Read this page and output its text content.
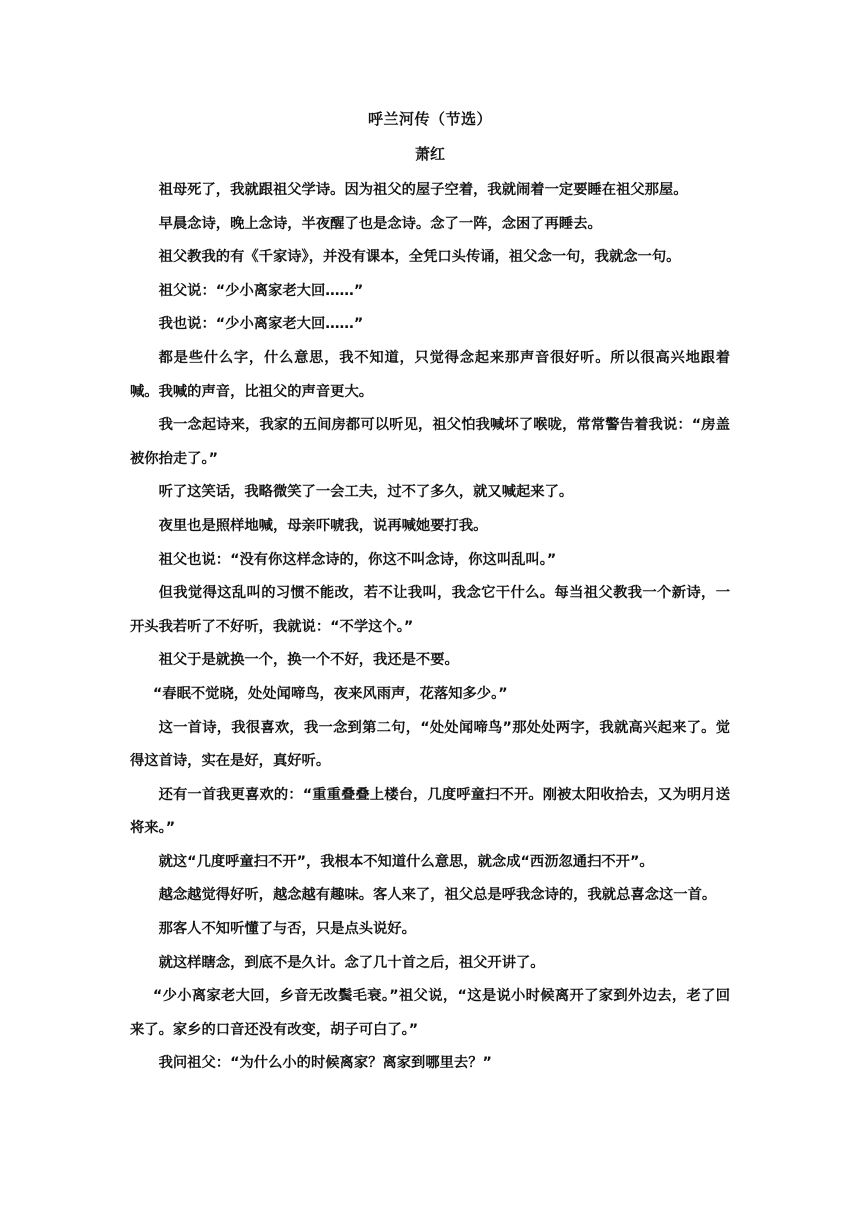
呼兰河传（节选）
萧红

祖母死了，我就跟祖父学诗。因为祖父的屋子空着，我就闹着一定要睡在祖父那屋。

早晨念诗，晚上念诗，半夜醒了也是念诗。念了一阵，念困了再睡去。

祖父教我的有《千家诗》，并没有课本，全凭口头传诵，祖父念一句，我就念一句。

祖父说：“少小离家老大回……”

我也说：“少小离家老大回……”

都是些什么字，什么意思，我不知道，只觉得念起来那声音很好听。所以很高兴地跟着喊。我喊的声音，比祖父的声音更大。

我一念起诗来，我家的五间房都可以听见，祖父怕我喊坏了喉咙，常常警告着我说：“房盖被你抬走了。”

听了这笑话，我略微笑了一会工夫，过不了多久，就又喊起来了。

夜里也是照样地喊，母亲吓唬我，说再喊她要打我。

祖父也说：“没有你这样念诗的，你这不叫念诗，你这叫乱叫。”

但我觉得这乱叫的习惯不能改，若不让我叫，我念它干什么。每当祖父教我一个新诗，一开头我若听了不好听，我就说：“不学这个。”

祖父于是就换一个，换一个不好，我还是不要。

“春眠不觉晓，处处闻啼鸟，夜来风雨声，花落知多少。”

这一首诗，我很喜欢，我一念到第二句，“处处闻啼鸟”那处处两字，我就高兴起来了。觉得这首诗，实在是好，真好听。

还有一首我更喜欢的：“重重叠叠上楼台，几度呼童扫不开。刚被太阳收拾去，又为明月送将来。”

就这“几度呼童扫不开”，我根本不知道什么意思，就念成“西沥忽通扫不开”。

越念越觉得好听，越念越有趣味。客人来了，祖父总是呼我念诗的，我就总喜念这一首。

那客人不知听懂了与否，只是点头说好。

就这样瞎念，到底不是久计。念了几十首之后，祖父开讲了。

“少小离家老大回，乡音无改鬓毛衰。”祖父说，“这是说小时候离开了家到外边去，老了回来了。家乡的口音还没有改变，胡子可白了。”

我问祖父：“为什么小的时候离家？离家到哪里去？”
